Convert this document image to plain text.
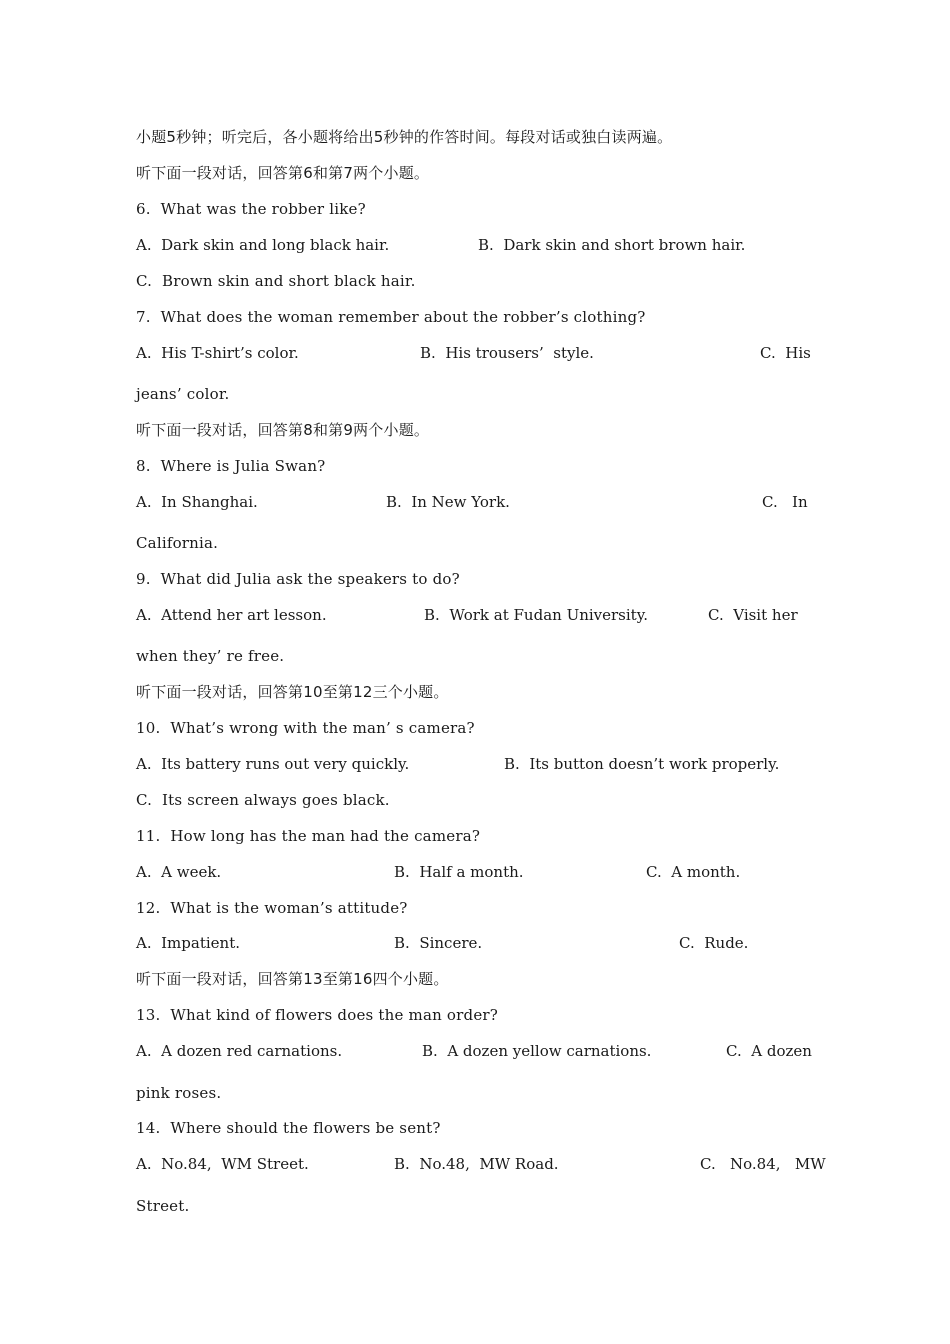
小题5秒钟；听完后，各小题将给出5秒钟的作答时间。每段对话或独白读两遍。
听下面一段对话，回答第6和第7两个小题。
6.  What was the robber like?
A.  Dark skin and long black hair.	B.  Dark skin and short brown hair.
C.  Brown skin and short black hair.
7.  What does the woman remember about the robber’s clothing?
A.  His T-shirt’s color.	B.  His trousers’  style.	C.  His
jeans’ color.
听下面一段对话，回答第8和第9两个小题。
8.  Where is Julia Swan?
A.  In Shanghai.	B.  In New York.	C.   In
California.
9.  What did Julia ask the speakers to do?
A.  Attend her art lesson.	B.  Work at Fudan University.	C.  Visit her
when they’ re free.
听下面一段对话，回答第10至第12三个小题。
10.  What’s wrong with the man’ s camera?
A.  Its battery runs out very quickly.	B.  Its button doesn’t work properly.
C.  Its screen always goes black.
11.  How long has the man had the camera?
A.  A week.	B.  Half a month.	C.  A month.
12.  What is the woman’s attitude?
A.  Impatient.	B.  Sincere.	C.  Rude.
听下面一段对话，回答第13至第16四个小题。
13.  What kind of flowers does the man order?
A.  A dozen red carnations.	B.  A dozen yellow carnations.	C.  A dozen
pink roses.
14.  Where should the flowers be sent?
A.  No.84,  WM Street.	B.  No.48,  MW Road.	C.   No.84,   MW
Street.
